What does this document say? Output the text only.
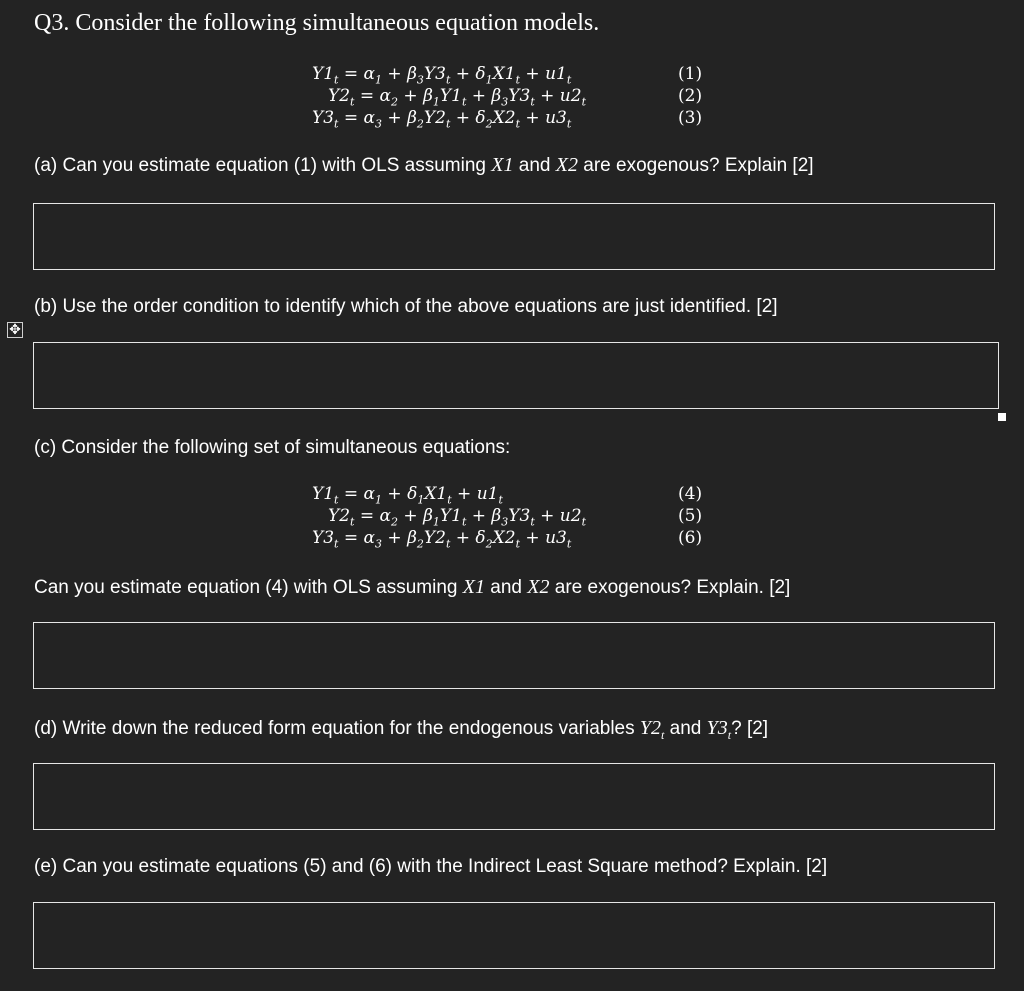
Q3. Consider the following simultaneous equation models.
$Y1_t = \alpha_1 + \beta_3Y3_t + \delta_1X1_t + u1_t$	(1)
$Y2_t = \alpha_2 + \beta_1Y1_t + \beta_3Y3_t + u2_t$	(2)
$Y3_t = \alpha_3 + \beta_2Y2_t + \delta_2X2_t + u3_t$	(3)

(a) Can you estimate equation (1) with OLS assuming X1 and X2 are exogenous? Explain [2]

(b) Use the order condition to identify which of the above equations are just identified. [2]

✥

(c) Consider the following set of simultaneous equations:

$Y1_t = \alpha_1 + \delta_1X1_t + u1_t$	(4)
$Y2_t = \alpha_2 + \beta_1Y1_t + \beta_3Y3_t + u2_t$	(5)
$Y3_t = \alpha_3 + \beta_2Y2_t + \delta_2X2_t + u3_t$	(6)

Can you estimate equation (4) with OLS assuming X1 and X2 are exogenous? Explain. [2]

(d) Write down the reduced form equation for the endogenous variables $Y2_t$ and $Y3_t$? [2]

(e) Can you estimate equations (5) and (6) with the Indirect Least Square method? Explain. [2]
